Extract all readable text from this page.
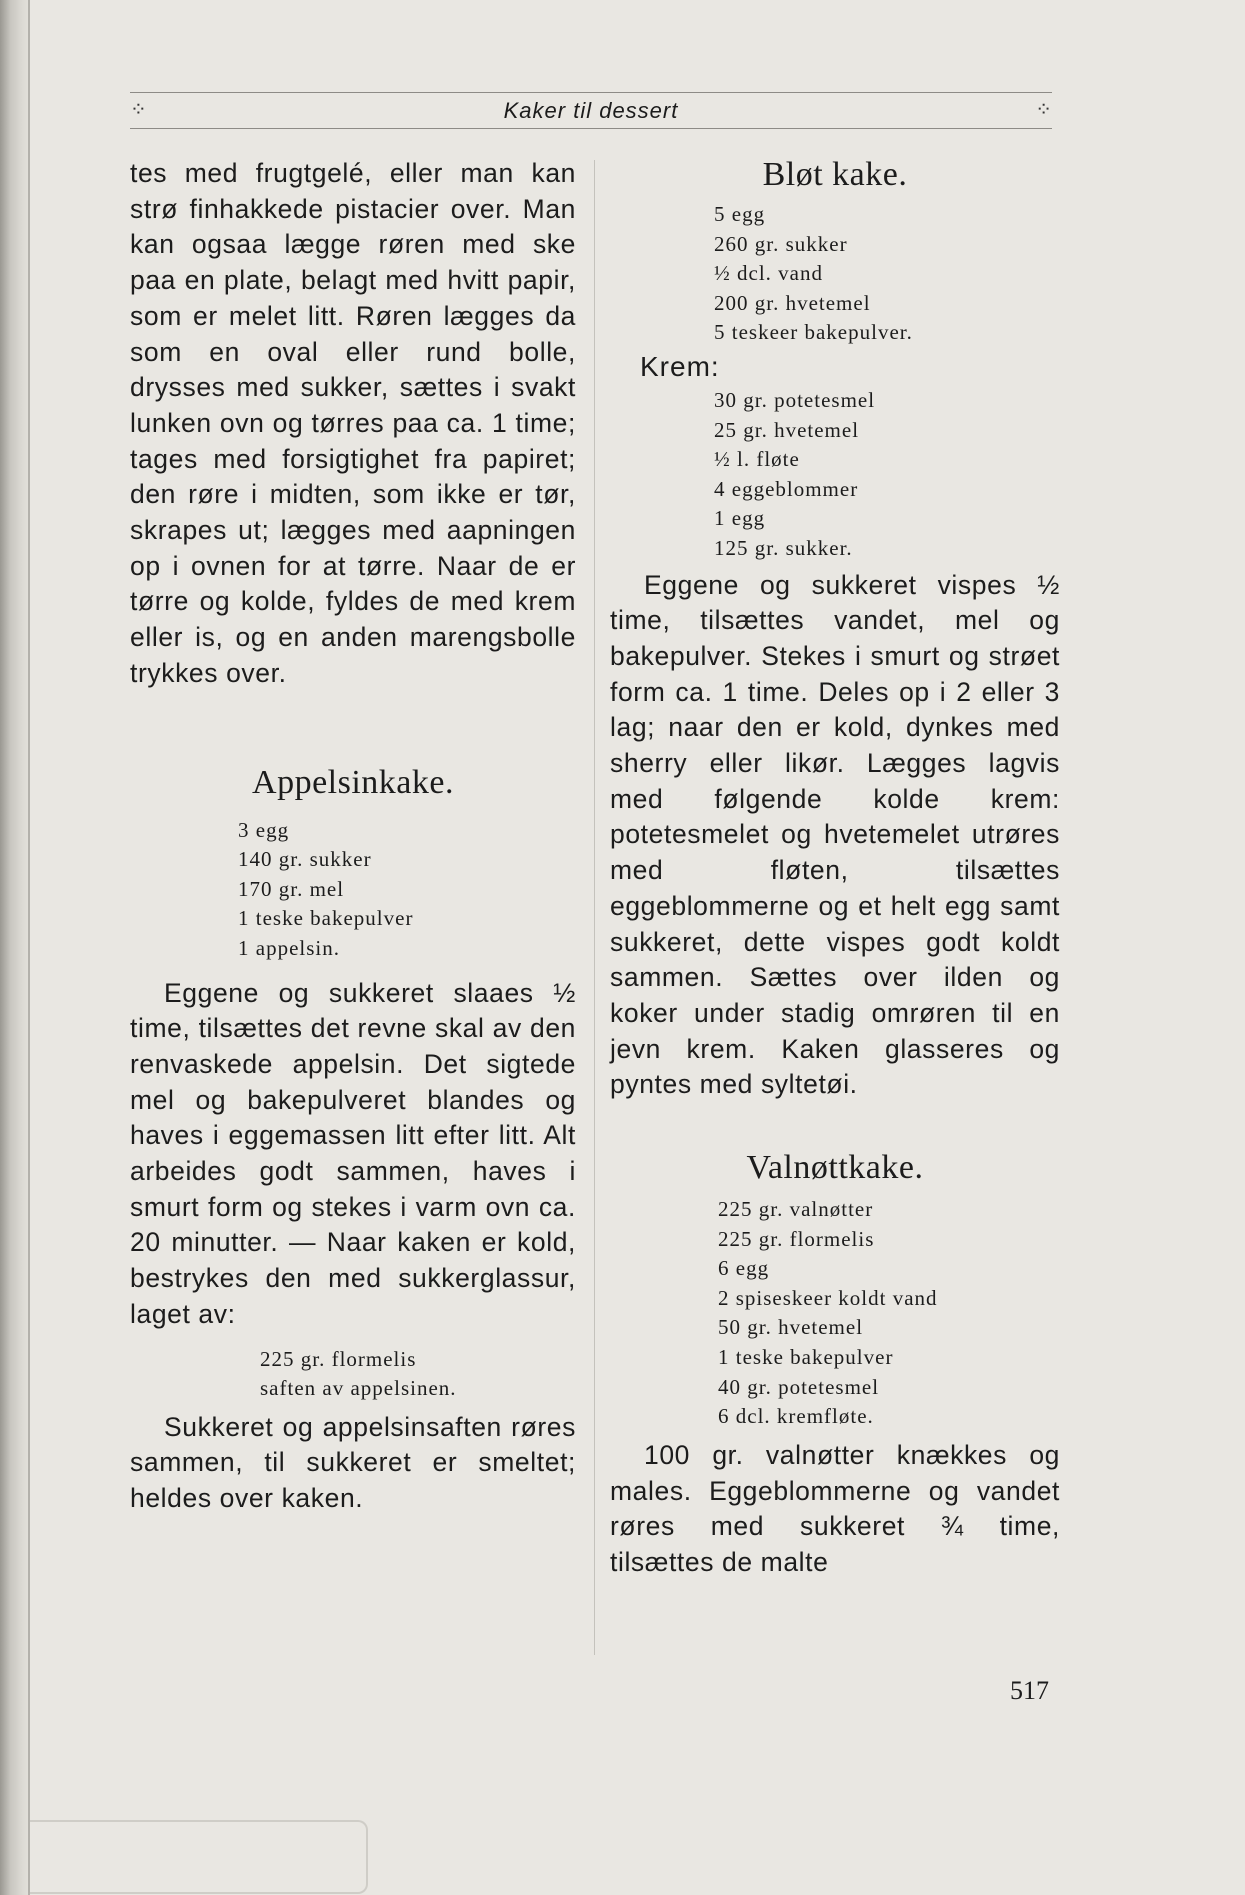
⁘	Kaker til dessert	⁘

tes med frugtgelé, eller man kan strø finhakkede pistacier over. Man kan ogsaa lægge røren med ske paa en plate, belagt med hvitt papir, som er melet litt. Røren lægges da som en oval eller rund bolle, drysses med sukker, sættes i svakt lunken ovn og tørres paa ca. 1 time; tages med forsigtighet fra papiret; den røre i midten, som ikke er tør, skrapes ut; lægges med aapningen op i ovnen for at tørre. Naar de er tørre og kolde, fyldes de med krem eller is, og en anden marengsbolle trykkes over.

Appelsinkake.
3 egg
140 gr. sukker
170 gr. mel
1 teske bakepulver
1 appelsin.

Eggene og sukkeret slaaes ½ time, tilsættes det revne skal av den renvaskede appelsin. Det sigtede mel og bakepulveret blandes og haves i eggemassen litt efter litt. Alt arbeides godt sammen, haves i smurt form og stekes i varm ovn ca. 20 minutter. — Naar kaken er kold, bestrykes den med sukkerglassur, laget av:

225 gr. flormelis
saften av appelsinen.

Sukkeret og appelsinsaften røres sammen, til sukkeret er smeltet; heldes over kaken.

Bløt kake.
5 egg
260 gr. sukker
½ dcl. vand
200 gr. hvetemel
5 teskeer bakepulver.

Krem:

30 gr. potetesmel
25 gr. hvetemel
½ l. fløte
4 eggeblommer
1 egg
125 gr. sukker.

Eggene og sukkeret vispes ½ time, tilsættes vandet, mel og bakepulver. Stekes i smurt og strøet form ca. 1 time. Deles op i 2 eller 3 lag; naar den er kold, dynkes med sherry eller likør. Lægges lagvis med følgende kolde krem: potetesmelet og hvetemelet utrøres med fløten, tilsættes eggeblommerne og et helt egg samt sukkeret, dette vispes godt koldt sammen. Sættes over ilden og koker under stadig omrøren til en jevn krem. Kaken glasseres og pyntes med syltetøi.

Valnøttkake.
225 gr. valnøtter
225 gr. flormelis
6 egg
2 spiseskeer koldt vand
50 gr. hvetemel
1 teske bakepulver
40 gr. potetesmel
6 dcl. kremfløte.

100 gr. valnøtter knækkes og males. Eggeblommerne og vandet røres med sukkeret ¾ time, tilsættes de malte

517
